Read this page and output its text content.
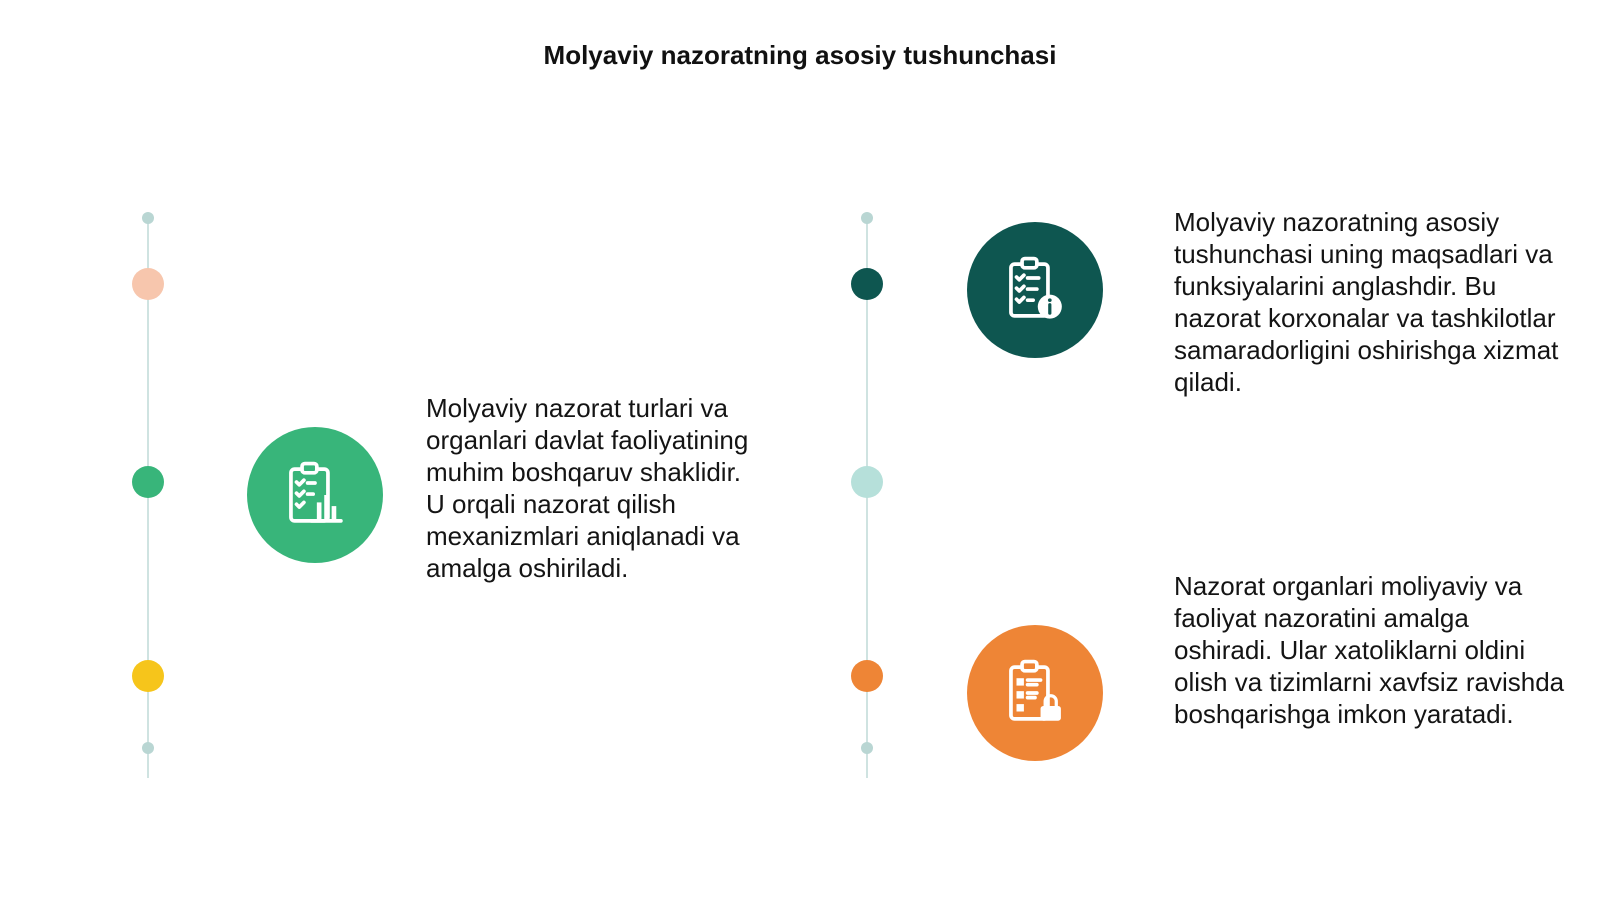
Molyaviy nazoratning asosiy tushunchasi
Molyaviy nazorat turlari va organlari davlat faoliyatining muhim boshqaruv shaklidir. U orqali nazorat qilish mexanizmlari aniqlanadi va amalga oshiriladi.
Molyaviy nazoratning asosiy tushunchasi uning maqsadlari va funksiyalarini anglashdir. Bu nazorat korxonalar va tashkilotlar samaradorligini oshirishga xizmat qiladi.
Nazorat organlari moliyaviy va faoliyat nazoratini amalga oshiradi. Ular xatoliklarni oldini olish va tizimlarni xavfsiz ravishda boshqarishga imkon yaratadi.
